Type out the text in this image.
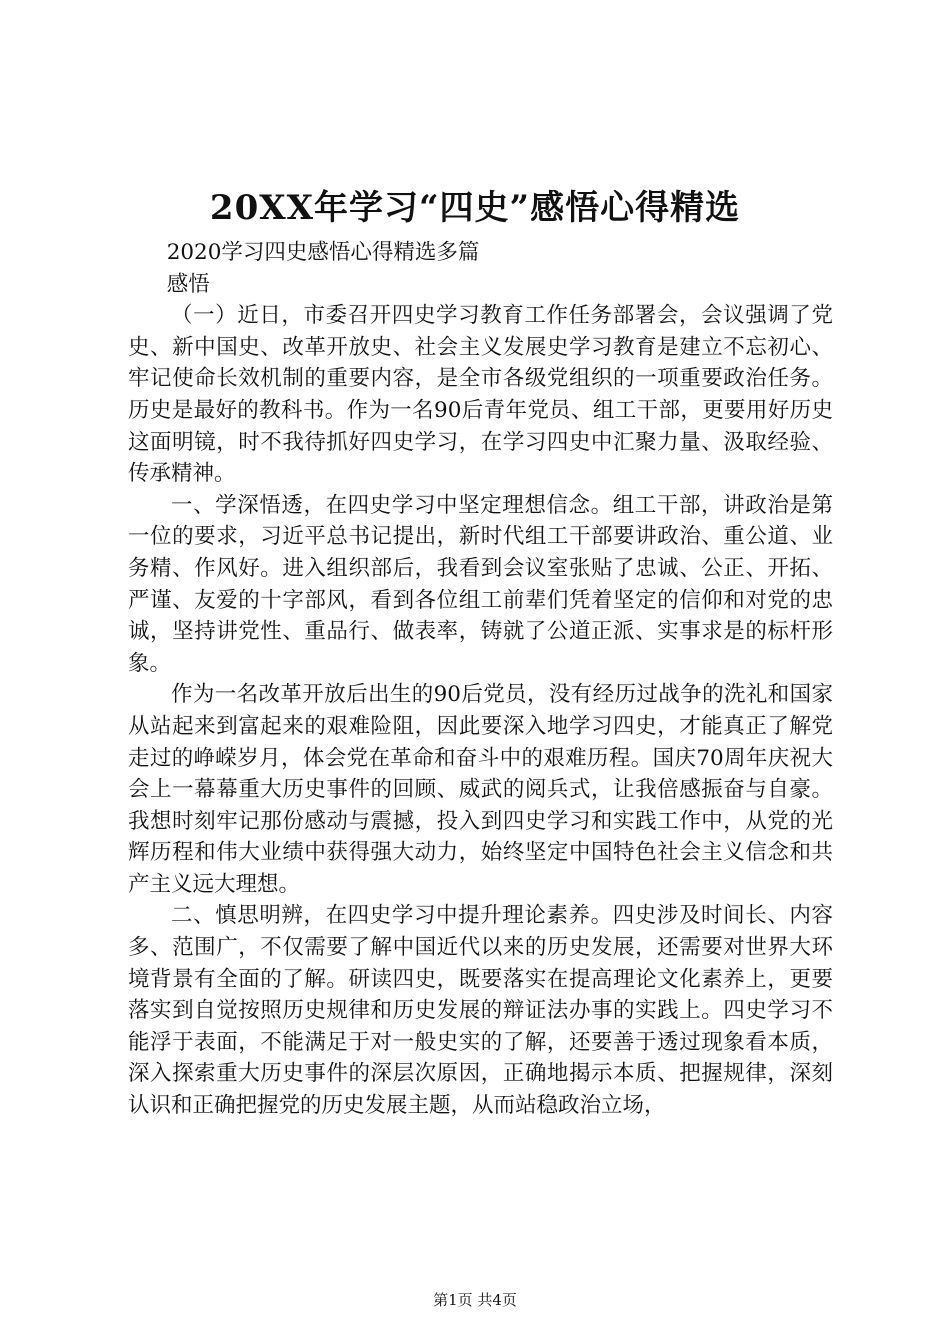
20XX年学习“四史”感悟心得精选

2020学习四史感悟心得精选多篇

感悟

（一）近日，市委召开四史学习教育工作任务部署会，会议强调了党史、新中国史、改革开放史、社会主义发展史学习教育是建立不忘初心、牢记使命长效机制的重要内容，是全市各级党组织的一项重要政治任务。历史是最好的教科书。作为一名90后青年党员、组工干部，更要用好历史这面明镜，时不我待抓好四史学习，在学习四史中汇聚力量、汲取经验、传承精神。

一、学深悟透，在四史学习中坚定理想信念。组工干部，讲政治是第一位的要求，习近平总书记提出，新时代组工干部要讲政治、重公道、业务精、作风好。进入组织部后，我看到会议室张贴了忠诚、公正、开拓、严谨、友爱的十字部风，看到各位组工前辈们凭着坚定的信仰和对党的忠诚，坚持讲党性、重品行、做表率，铸就了公道正派、实事求是的标杆形象。

作为一名改革开放后出生的90后党员，没有经历过战争的洗礼和国家从站起来到富起来的艰难险阻，因此要深入地学习四史，才能真正了解党走过的峥嵘岁月，体会党在革命和奋斗中的艰难历程。国庆70周年庆祝大会上一幕幕重大历史事件的回顾、威武的阅兵式，让我倍感振奋与自豪。我想时刻牢记那份感动与震撼，投入到四史学习和实践工作中，从党的光辉历程和伟大业绩中获得强大动力，始终坚定中国特色社会主义信念和共产主义远大理想。

二、慎思明辨，在四史学习中提升理论素养。四史涉及时间长、内容多、范围广，不仅需要了解中国近代以来的历史发展，还需要对世界大环境背景有全面的了解。研读四史，既要落实在提高理论文化素养上，更要落实到自觉按照历史规律和历史发展的辩证法办事的实践上。四史学习不能浮于表面，不能满足于对一般史实的了解，还要善于透过现象看本质，深入探索重大历史事件的深层次原因，正确地揭示本质、把握规律，深刻认识和正确把握党的历史发展主题，从而站稳政治立场，

第1页 共4页
